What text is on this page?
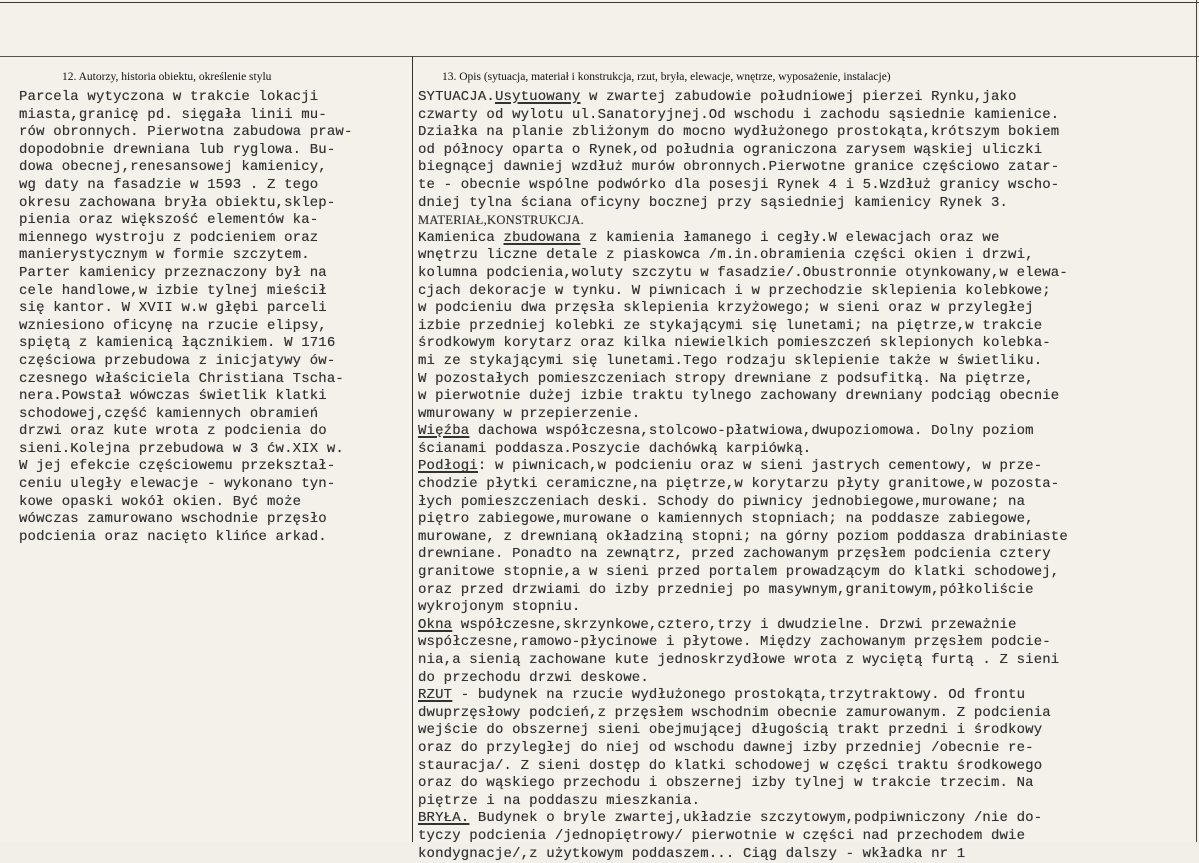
12. Autorzy, historia obiektu, określenie stylu	13. Opis (sytuacja, materiał i konstrukcja, rzut, bryła, elewacje, wnętrze, wyposażenie, instalacje)
Parcela wytyczona w trakcie lokacji
miasta,granicę pd. sięgała linii mu-
rów obronnych. Pierwotna zabudowa praw-
dopodobnie drewniana lub ryglowa. Bu-
dowa obecnej,renesansowej kamienicy,
wg daty na fasadzie w 1593 . Z tego
okresu zachowana bryła obiektu,sklep-
pienia oraz większość elementów ka-
miennego wystroju z podcieniem oraz
manierystycznym w formie szczytem.
Parter kamienicy przeznaczony był na
cele handlowe,w izbie tylnej mieścił
się kantor. W XVII w.w głębi parceli
wzniesiono oficynę na rzucie elipsy,
spiętą z kamienicą łącznikiem. W 1716
częściowa przebudowa z inicjatywy ów-
czesnego właściciela Christiana Tscha-
nera.Powstał wówczas świetlik klatki
schodowej,część kamiennych obramień
drzwi oraz kute wrota z podcienia do
sieni.Kolejna przebudowa w 3 ćw.XIX w.
W jej efekcie częściowemu przekształ-
ceniu uległy elewacje - wykonano tyn-
kowe opaski wokół okien. Być może
wówczas zamurowano wschodnie przęsło
podcienia oraz nacięto klińce arkad.
SYTUACJA.Usytuowany w zwartej zabudowie południowej pierzei Rynku,jako
czwarty od wylotu ul.Sanatoryjnej.Od wschodu i zachodu sąsiednie kamienice.
Działka na planie zbliżonym do mocno wydłużonego prostokąta,krótszym bokiem
od północy oparta o Rynek,od południa ograniczona zarysem wąskiej uliczki
biegnącej dawniej wzdłuż murów obronnych.Pierwotne granice częściowo zatar-
te - obecnie wspólne podwórko dla posesji Rynek 4 i 5.Wzdłuż granicy wscho-
dniej tylna ściana oficyny bocznej przy sąsiedniej kamienicy Rynek 3.
MATERIAŁ,KONSTRUKCJA.
Kamienica zbudowana z kamienia łamanego i cegły.W elewacjach oraz we
wnętrzu liczne detale z piaskowca /m.in.obramienia części okien i drzwi,
kolumna podcienia,woluty szczytu w fasadzie/.Obustronnie otynkowany,w elewa-
cjach dekoracje w tynku. W piwnicach i w przechodzie sklepienia kolebkowe;
w podcieniu dwa przęsła sklepienia krzyżowego; w sieni oraz w przyległej
izbie przedniej kolebki ze stykającymi się lunetami; na piętrze,w trakcie
środkowym korytarz oraz kilka niewielkich pomieszczeń sklepionych kolebka-
mi ze stykającymi się lunetami.Tego rodzaju sklepienie także w świetliku.
W pozostałych pomieszczeniach stropy drewniane z podsufitką. Na piętrze,
w pierwotnie dużej izbie traktu tylnego zachowany drewniany podciąg obecnie
wmurowany w przepierzenie.
Więźba dachowa współczesna,stolcowo-płatwiowa,dwupoziomowa. Dolny poziom
ścianami poddasza.Poszycie dachówką karpiówką.
Podłogi: w piwnicach,w podcieniu oraz w sieni jastrych cementowy, w prze-
chodzie płytki ceramiczne,na piętrze,w korytarzu płyty granitowe,w pozosta-
łych pomieszczeniach deski. Schody do piwnicy jednobiegowe,murowane; na
piętro zabiegowe,murowane o kamiennych stopniach; na poddasze zabiegowe,
murowane, z drewnianą okładziną stopni; na górny poziom poddasza drabiniaste
drewniane. Ponadto na zewnątrz, przed zachowanym przęsłem podcienia cztery
granitowe stopnie,a w sieni przed portalem prowadzącym do klatki schodowej,
oraz przed drzwiami do izby przedniej po masywnym,granitowym,półkoliście
wykrojonym stopniu.
Okna współczesne,skrzynkowe,cztero,trzy i dwudzielne. Drzwi przeważnie
współczesne,ramowo-płycinowe i płytowe. Między zachowanym przęsłem podcie-
nia,a sienią zachowane kute jednoskrzydłowe wrota z wyciętą furtą . Z sieni
do przechodu drzwi deskowe.
RZUT - budynek na rzucie wydłużonego prostokąta,trzytraktowy. Od frontu
dwuprzęsłowy podcień,z przęsłem wschodnim obecnie zamurowanym. Z podcienia
wejście do obszernej sieni obejmującej długością trakt przedni i środkowy
oraz do przyległej do niej od wschodu dawnej izby przedniej /obecnie re-
stauracja/. Z sieni dostęp do klatki schodowej w części traktu środkowego
oraz do wąskiego przechodu i obszernej izby tylnej w trakcie trzecim. Na
piętrze i na poddaszu mieszkania.
BRYŁA. Budynek o bryle zwartej,układzie szczytowym,podpiwniczony /nie do-
tyczy podcienia /jednopiętrowy/ pierwotnie w części nad przechodem dwie
kondygnacje/,z użytkowym poddaszem... Ciąg dalszy - wkładka nr 1
